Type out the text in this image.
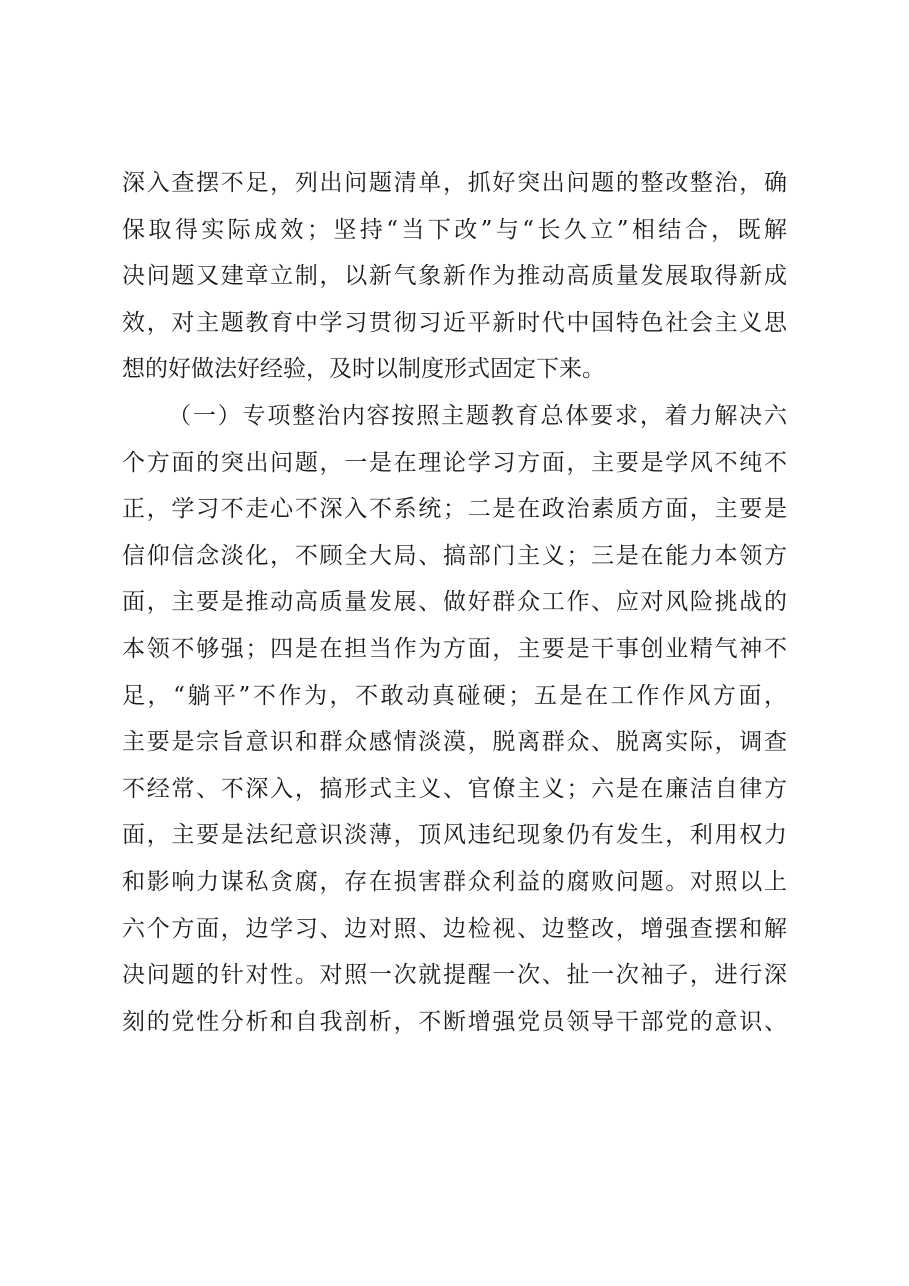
深入查摆不足，列出问题清单，抓好突出问题的整改整治，确
保取得实际成效；坚持“当下改”与“长久立”相结合，既解
决问题又建章立制，以新气象新作为推动高质量发展取得新成
效，对主题教育中学习贯彻习近平新时代中国特色社会主义思
想的好做法好经验，及时以制度形式固定下来。
（一）专项整治内容按照主题教育总体要求，着力解决六
个方面的突出问题，一是在理论学习方面，主要是学风不纯不
正，学习不走心不深入不系统；二是在政治素质方面，主要是
信仰信念淡化，不顾全大局、搞部门主义；三是在能力本领方
面，主要是推动高质量发展、做好群众工作、应对风险挑战的
本领不够强；四是在担当作为方面，主要是干事创业精气神不
足，“躺平”不作为，不敢动真碰硬；五是在工作作风方面，
主要是宗旨意识和群众感情淡漠，脱离群众、脱离实际，调查
不经常、不深入，搞形式主义、官僚主义；六是在廉洁自律方
面，主要是法纪意识淡薄，顶风违纪现象仍有发生，利用权力
和影响力谋私贪腐，存在损害群众利益的腐败问题。对照以上
六个方面，边学习、边对照、边检视、边整改，增强查摆和解
决问题的针对性。对照一次就提醒一次、扯一次袖子，进行深
刻的党性分析和自我剖析，不断增强党员领导干部党的意识、
